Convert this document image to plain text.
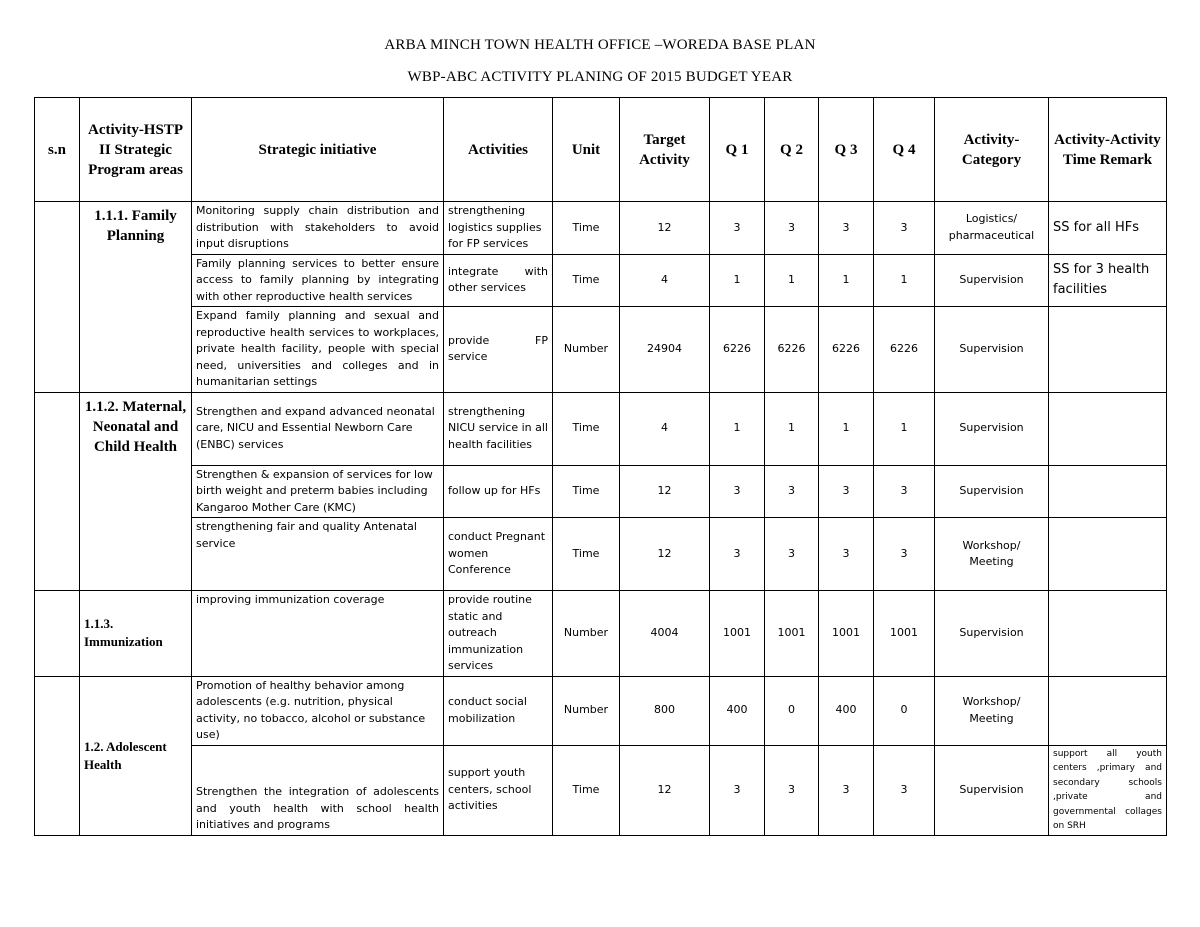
ARBA MINCH TOWN HEALTH OFFICE –WOREDA BASE PLAN
WBP-ABC ACTIVITY PLANING OF 2015 BUDGET YEAR
s.n	Activity-HSTP II Strategic Program areas	Strategic initiative	Activities	Unit	Target Activity	Q 1	Q 2	Q 3	Q 4	Activity-Category	Activity-Activity Time Remark
	1.1.1. Family Planning	Monitoring supply chain distribution and distribution with stakeholders to avoid input disruptions	strengthening logistics supplies for FP services	Time	12	3	3	3	3	Logistics/ pharmaceutical	SS for all HFs
		Family planning services to better ensure access to family planning by integrating with other reproductive health services	integrate with other services	Time	4	1	1	1	1	Supervision	SS for 3 health facilities
		Expand family planning and sexual and reproductive health services to workplaces, private health facility, people with special need, universities and colleges and in humanitarian settings	provide FP service	Number	24904	6226	6226	6226	6226	Supervision	
	1.1.2. Maternal, Neonatal and Child Health	Strengthen and expand advanced neonatal care, NICU and Essential Newborn Care (ENBC) services	strengthening NICU service in all health facilities	Time	4	1	1	1	1	Supervision	
		Strengthen & expansion of services for low birth weight and preterm babies including Kangaroo Mother Care (KMC)	follow up for HFs	Time	12	3	3	3	3	Supervision	
		strengthening fair and quality Antenatal service	conduct Pregnant women Conference	Time	12	3	3	3	3	Workshop/ Meeting	
	1.1.3. Immunization	improving immunization coverage	provide routine static and outreach immunization services	Number	4004	1001	1001	1001	1001	Supervision	
	1.2. Adolescent Health	Promotion of healthy behavior among adolescents (e.g. nutrition, physical activity, no tobacco, alcohol or substance use)	conduct social mobilization	Number	800	400	0	400	0	Workshop/ Meeting	
		Strengthen the integration of adolescents and youth health with school health initiatives and programs	support youth centers, school activities	Time	12	3	3	3	3	Supervision	support all youth centers ,primary and secondary schools ,private and governmental collages on SRH
